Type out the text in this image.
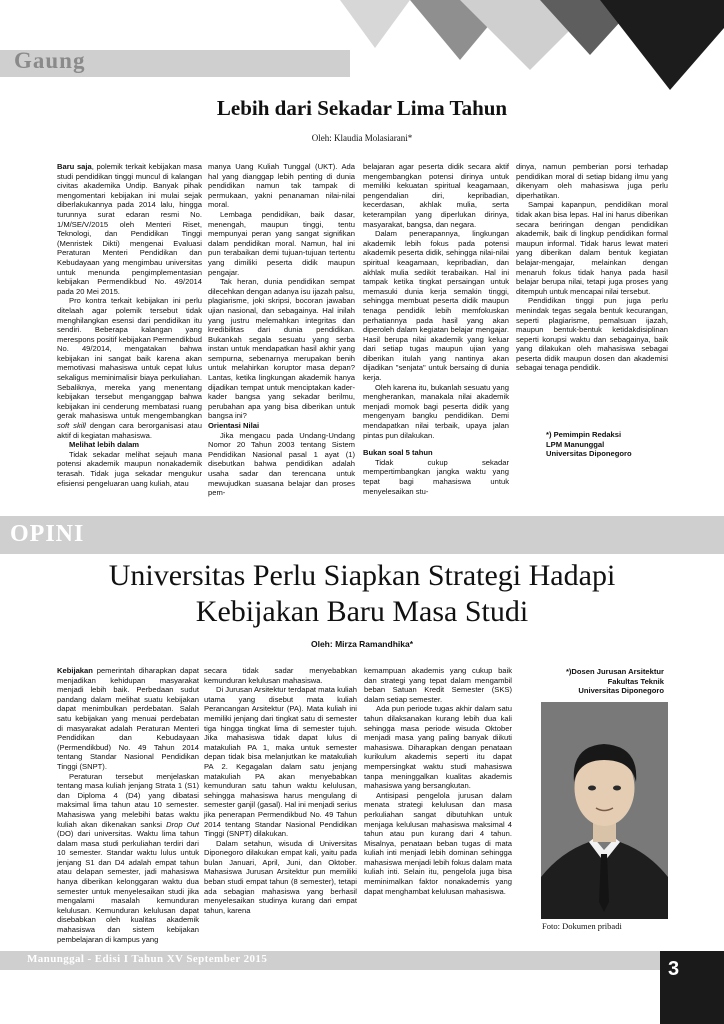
Gaung
Lebih dari Sekadar Lima Tahun
Oleh: Klaudia Molasiarani*

Baru saja, polemik terkait kebijakan masa studi pendidikan tinggi muncul di kalangan civitas akademika Undip. Banyak pihak mengomentari kebijakan ini mulai sejak diberlakukannya pada 2014 lalu, hingga turunnya surat edaran resmi No. 1/M/SE/V/2015 oleh Menteri Riset, Teknologi, dan Pendidikan Tinggi (Menristek Dikti) mengenai Evaluasi Peraturan Menteri Pendidikan dan Kebudayaan yang mengimbau universitas untuk menunda pengimplementasian kebijakan Permendikbud No. 49/2014 pada 20 Mei 2015.

Pro kontra terkait kebijakan ini perlu ditelaah agar polemik tersebut tidak menghilangkan esensi dari pendidikan itu sendiri. Beberapa kalangan yang merespons positif kebijakan Permendikbud No. 49/2014, mengatakan bahwa kebijakan ini sangat baik karena akan memotivasi mahasiswa untuk cepat lulus sekaligus meminimalisir biaya perkuliahan. Sebaliknya, mereka yang menentang kebijakan tersebut menganggap bahwa kebijakan ini cenderung membatasi ruang gerak mahasiswa untuk mengembangkan soft skill dengan cara berorganisasi atau aktif di kegiatan mahasiswa.

Melihat lebih dalam

Tidak sekadar melihat sejauh mana potensi akademik maupun nonakademik terasah. Tidak juga sekadar mengukur efisiensi pengeluaran uang kuliah, atau

manya Uang Kuliah Tunggal (UKT). Ada hal yang dianggap lebih penting di dunia pendidikan namun tak tampak di permukaan, yakni penanaman nilai-nilai moral.

Lembaga pendidikan, baik dasar, menengah, maupun tinggi, tentu mempunyai peran yang sangat signifikan dalam pendidikan moral. Namun, hal ini pun terabaikan demi tujuan-tujuan tertentu yang dimiliki peserta didik maupun pengajar.

Tak heran, dunia pendidikan sempat dilecehkan dengan adanya isu ijazah palsu, plagiarisme, joki skripsi, bocoran jawaban ujian nasional, dan sebagainya. Hal inilah yang justru melemahkan integritas dan kredibilitas dari dunia pendidikan. Bukankah segala sesuatu yang serba instan untuk mendapatkan hasil akhir yang sempurna, sebenarnya merupakan benih untuk melahirkan koruptor masa depan? Lantas, ketika lingkungan akademik hanya dijadikan tempat untuk menciptakan kader-kader bangsa yang sekadar berilmu, perubahan apa yang bisa diberikan untuk bangsa ini?

Orientasi Nilai

Jika mengacu pada Undang-Undang Nomor 20 Tahun 2003 tentang Sistem Pendidikan Nasional pasal 1 ayat (1) disebutkan bahwa pendidikan adalah usaha sadar dan terencana untuk mewujudkan suasana belajar dan proses pem-

belajaran agar peserta didik secara aktif mengembangkan potensi dirinya untuk memiliki kekuatan spiritual keagamaan, pengendalian diri, kepribadian, kecerdasan, akhlak mulia, serta keterampilan yang diperlukan dirinya, masyarakat, bangsa, dan negara.

Dalam penerapannya, lingkungan akademik lebih fokus pada potensi akademik peserta didik, sehingga nilai-nilai spiritual keagamaan, kepribadian, dan akhlak mulia sedikit terabaikan. Hal ini tampak ketika tingkat persaingan untuk memasuki dunia kerja semakin tinggi, sehingga membuat peserta didik maupun tenaga pendidik lebih memfokuskan perhatiannya pada hasil yang akan diperoleh dalam kegiatan belajar mengajar. Hasil berupa nilai akademik yang keluar dari setiap tugas maupun ujian yang diberikan itulah yang nantinya akan dijadikan "senjata" untuk bersaing di dunia kerja.

Oleh karena itu, bukanlah sesuatu yang mengherankan, manakala nilai akademik menjadi momok bagi peserta didik yang mengenyam bangku pendidikan. Demi mendapatkan nilai terbaik, upaya jalan pintas pun dilakukan.

Bukan soal 5 tahun

Tidak cukup sekadar mempertimbangkan jangka waktu yang tepat bagi mahasiswa untuk menyelesaikan stu-

dinya, namun pemberian porsi terhadap pendidikan moral di setiap bidang ilmu yang dikenyam oleh mahasiswa juga perlu diperhatikan.

Sampai kapanpun, pendidikan moral tidak akan bisa lepas. Hal ini harus diberikan secara beriringan dengan pendidikan akademik, baik di lingkup pendidikan formal maupun informal. Tidak harus lewat materi yang diberikan dalam bentuk kegiatan belajar-mengajar, melainkan dengan menaruh fokus tidak hanya pada hasil belajar berupa nilai, tetapi juga proses yang ditempuh untuk mencapai nilai tersebut.

Pendidikan tinggi pun juga perlu menindak tegas segala bentuk kecurangan, seperti plagiarisme, pemalsuan ijazah, maupun bentuk-bentuk ketidakdisiplinan seperti korupsi waktu dan sebagainya, baik yang dilakukan oleh mahasiswa sebagai peserta didik maupun dosen dan akademisi sebagai tenaga pendidik.

*) Pemimpin Redaksi
LPM Manunggal
Universitas Diponegoro
OPINI
Universitas Perlu Siapkan Strategi Hadapi
Kebijakan Baru Masa Studi
Oleh: Mirza Ramandhika*

Kebijakan pemerintah diharapkan dapat menjadikan kehidupan masyarakat menjadi lebih baik. Perbedaan sudut pandang dalam melihat suatu kebijakan dapat menimbulkan perdebatan. Salah satu kebijakan yang menuai perdebatan di masyarakat adalah Peraturan Menteri Pendidikan dan Kebudayaan (Permendikbud) No. 49 Tahun 2014 tentang Standar Nasional Pendidikan Tinggi (SNPT).

Peraturan tersebut menjelaskan tentang masa kuliah jenjang Strata 1 (S1) dan Diploma 4 (D4) yang dibatasi maksimal lima tahun atau 10 semester. Mahasiswa yang melebihi batas waktu kuliah akan dikenakan sanksi Drop Out (DO) dari universitas. Waktu lima tahun dalam masa studi perkuliahan terdiri dari 10 semester. Standar waktu lulus untuk jenjang S1 dan D4 adalah empat tahun atau delapan semester, jadi mahasiswa hanya diberikan kelonggaran waktu dua semester untuk menyelesaikan studi jika mengalami masalah kemunduran kelulusan. Kemunduran kelulusan dapat disebabkan oleh kualitas akademik mahasiswa dan sistem kebijakan pembelajaran di kampus yang

secara tidak sadar menyebabkan kemunduran kelulusan mahasiswa.

Di Jurusan Arsitektur terdapat mata kuliah utama yang disebut mata kuliah Perancangan Arsitektur (PA). Mata kuliah ini memiliki jenjang dari tingkat satu di semester tiga hingga tingkat lima di semester tujuh. Jika mahasiswa tidak dapat lulus di matakuliah PA 1, maka untuk semester depan tidak bisa melanjutkan ke matakuliah PA 2. Kegagalan dalam satu jenjang matakuliah PA akan menyebabkan kemunduran satu tahun waktu kelulusan, sehingga mahasiswa harus mengulang di semester ganjil (gasal). Hal ini menjadi serius jika penerapan Permendikbud No. 49 Tahun 2014 tentang Standar Nasional Pendidikan Tinggi (SNPT) dilakukan.

Dalam setahun, wisuda di Universitas Diponegoro dilakukan empat kali, yaitu pada bulan Januari, April, Juni, dan Oktober. Mahasiswa Jurusan Arsitektur pun memiliki beban studi empat tahun (8 semester), tetapi ada sebagian mahasiswa yang berhasil menyelesaikan studinya kurang dari empat tahun, karena

kemampuan akademis yang cukup baik dan strategi yang tepat dalam mengambil beban Satuan Kredit Semester (SKS) dalam setiap semester.

Ada pun periode tugas akhir dalam satu tahun dilaksanakan kurang lebih dua kali sehingga masa periode wisuda Oktober menjadi masa yang paling banyak diikuti mahasiswa. Diharapkan dengan penataan kurikulum akademis seperti itu dapat mempersingkat waktu studi mahasiswa tanpa meninggalkan kualitas akademis mahasiswa yang bersangkutan.

Antisipasi pengelola jurusan dalam menata strategi kelulusan dan masa perkuliahan sangat dibutuhkan untuk menjaga kelulusan mahasiswa maksimal 4 tahun atau pun kurang dari 4 tahun. Misalnya, penataan beban tugas di mata kuliah inti menjadi lebih dominan sehingga mahasiswa menjadi lebih fokus dalam mata kuliah inti. Selain itu, pengelola juga bisa meminimalkan faktor nonakademis yang dapat menghambat kelulusan mahasiswa.

*)Dosen Jurusan Arsitektur
Fakultas Teknik
Universitas Diponegoro
Foto: Dokumen pribadi
Manunggal - Edisi I Tahun XV September 2015	3
